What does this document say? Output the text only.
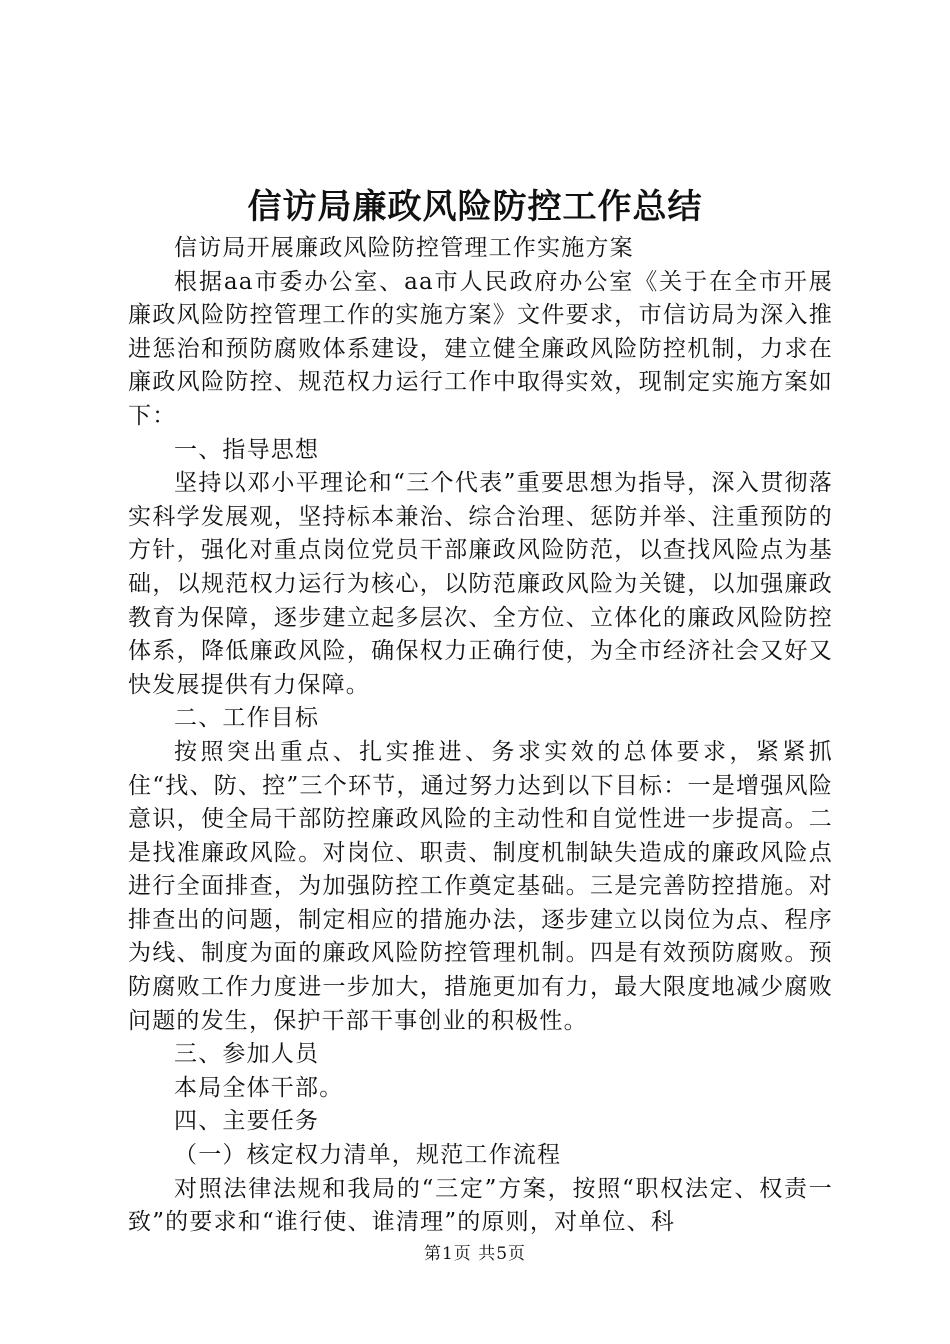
信访局廉政风险防控工作总结

信访局开展廉政风险防控管理工作实施方案

根据aa市委办公室、aa市人民政府办公室《关于在全市开展廉政风险防控管理工作的实施方案》文件要求，市信访局为深入推进惩治和预防腐败体系建设，建立健全廉政风险防控机制，力求在廉政风险防控、规范权力运行工作中取得实效，现制定实施方案如下：

一、指导思想

坚持以邓小平理论和“三个代表”重要思想为指导，深入贯彻落实科学发展观，坚持标本兼治、综合治理、惩防并举、注重预防的方针，强化对重点岗位党员干部廉政风险防范，以查找风险点为基础，以规范权力运行为核心，以防范廉政风险为关键，以加强廉政教育为保障，逐步建立起多层次、全方位、立体化的廉政风险防控体系，降低廉政风险，确保权力正确行使，为全市经济社会又好又快发展提供有力保障。

二、工作目标

按照突出重点、扎实推进、务求实效的总体要求，紧紧抓住“找、防、控”三个环节，通过努力达到以下目标：一是增强风险意识，使全局干部防控廉政风险的主动性和自觉性进一步提高。二是找准廉政风险。对岗位、职责、制度机制缺失造成的廉政风险点进行全面排查，为加强防控工作奠定基础。三是完善防控措施。对排查出的问题，制定相应的措施办法，逐步建立以岗位为点、程序为线、制度为面的廉政风险防控管理机制。四是有效预防腐败。预防腐败工作力度进一步加大，措施更加有力，最大限度地减少腐败问题的发生，保护干部干事创业的积极性。

三、参加人员

本局全体干部。

四、主要任务

（一）核定权力清单，规范工作流程

对照法律法规和我局的“三定”方案，按照“职权法定、权责一致”的要求和“谁行使、谁清理”的原则，对单位、科

第1页 共5页
